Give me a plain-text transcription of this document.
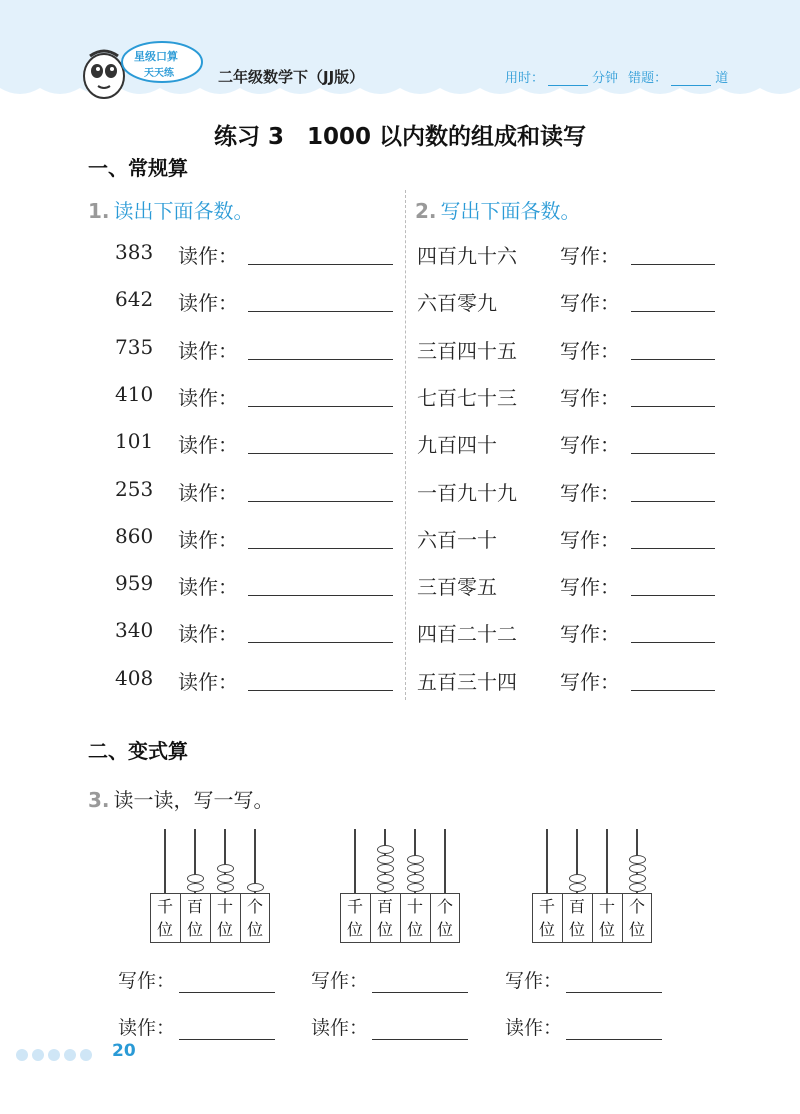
星级口算
天天练	二年级数学下（JJ版）	用时：	分钟 错题：	道
练习 3　1000 以内数的组成和读写
一、常规算
1. 读出下面各数。	2. 写出下面各数。
383 读作：
642 读作：
735 读作：
410 读作：
101 读作：
253 读作：
860 读作：
959 读作：
340 读作：
408 读作：
四百九十六 写作：
六百零九	写作：
三百四十五 写作：
七百七十三 写作：
九百四十	写作：
一百九十九 写作：
六百一十	写作：
三百零五	写作：
四百二十二 写作：
五百三十四 写作：
二、变式算
3. 读一读，写一写。
千
位
百
位
十
位
个
位
千
位
百
位
十
位
个
位
千
位
百
位
十
位
个
位
写作：	写作：	写作：
读作：	读作：	读作：
20
